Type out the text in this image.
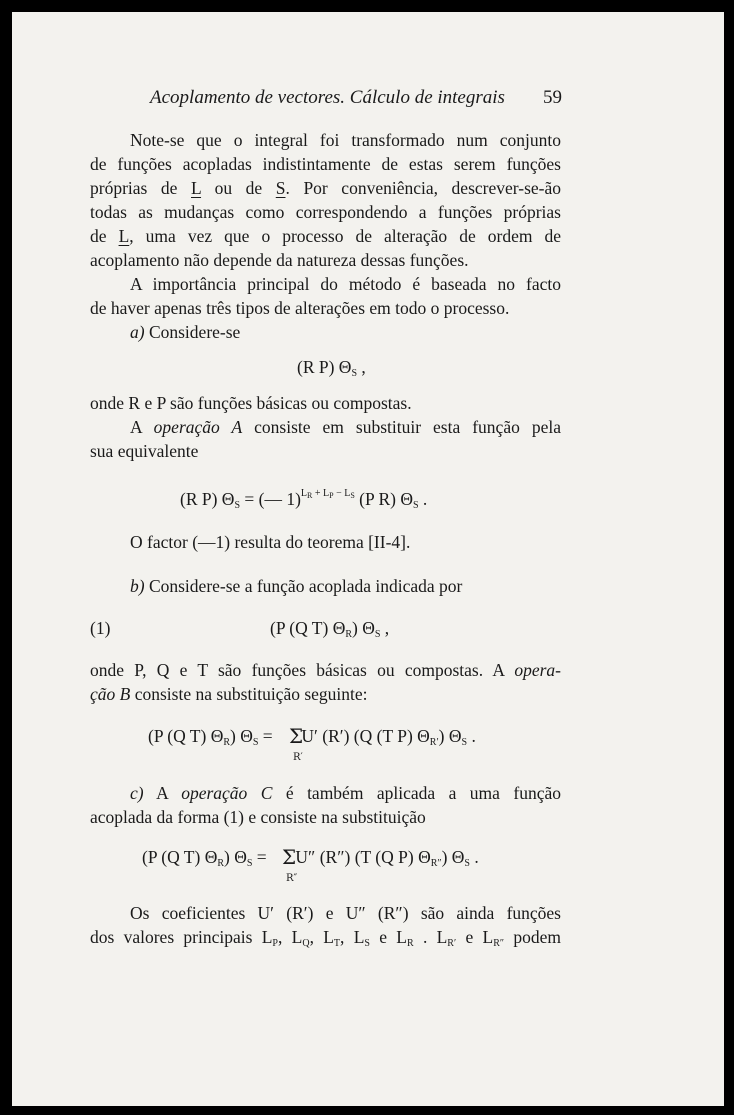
Acoplamento de vectores. Cálculo de integrais 59
Note-se que o integral foi transformado num conjunto
de funções acopladas indistintamente de estas serem funções
próprias de L ou de S. Por conveniência, descrever-se-ão
todas as mudanças como correspondendo a funções próprias
de L, uma vez que o processo de alteração de ordem de
acoplamento não depende da natureza dessas funções.
A importância principal do método é baseada no facto
de haver apenas três tipos de alterações em todo o processo.
a) Considere-se
(R P) $\Theta_S$ ,
onde R e P são funções básicas ou compostas.
A operação A consiste em substituir esta função pela
sua equivalente
(R P) $\Theta_S$ = (— 1)$^{L_R + L_P - L_S}$ (P R) $\Theta_S$ .
O factor (—1) resulta do teorema [II-4].
b) Considere-se a função acoplada indicada por
(1)	(P (Q T) $\Theta_R$) $\Theta_S$ ,
onde P, Q e T são funções básicas ou compostas. A opera-
ção B consiste na substituição seguinte:
(P (Q T) $\Theta_R$) $\Theta_S = U'$ (R′) (Q (T P) $\Theta_{R'}$) $\Theta_S$ .
Σ
R′
c) A operação C é também aplicada a uma função
acoplada da forma (1) e consiste na substituição
(P (Q T) $\Theta_R$) $\Theta_S = U''$ (R″) (T (Q P) $\Theta_{R''}$) $\Theta_S$ .
Σ
R″
Os coeficientes U′ (R′) e U″ (R″) são ainda funções
dos valores principais $L_P$, $L_Q$, $L_T$, $L_S$ e $L_R$ . $L_{R'}$ e $L_{R''}$ podem
